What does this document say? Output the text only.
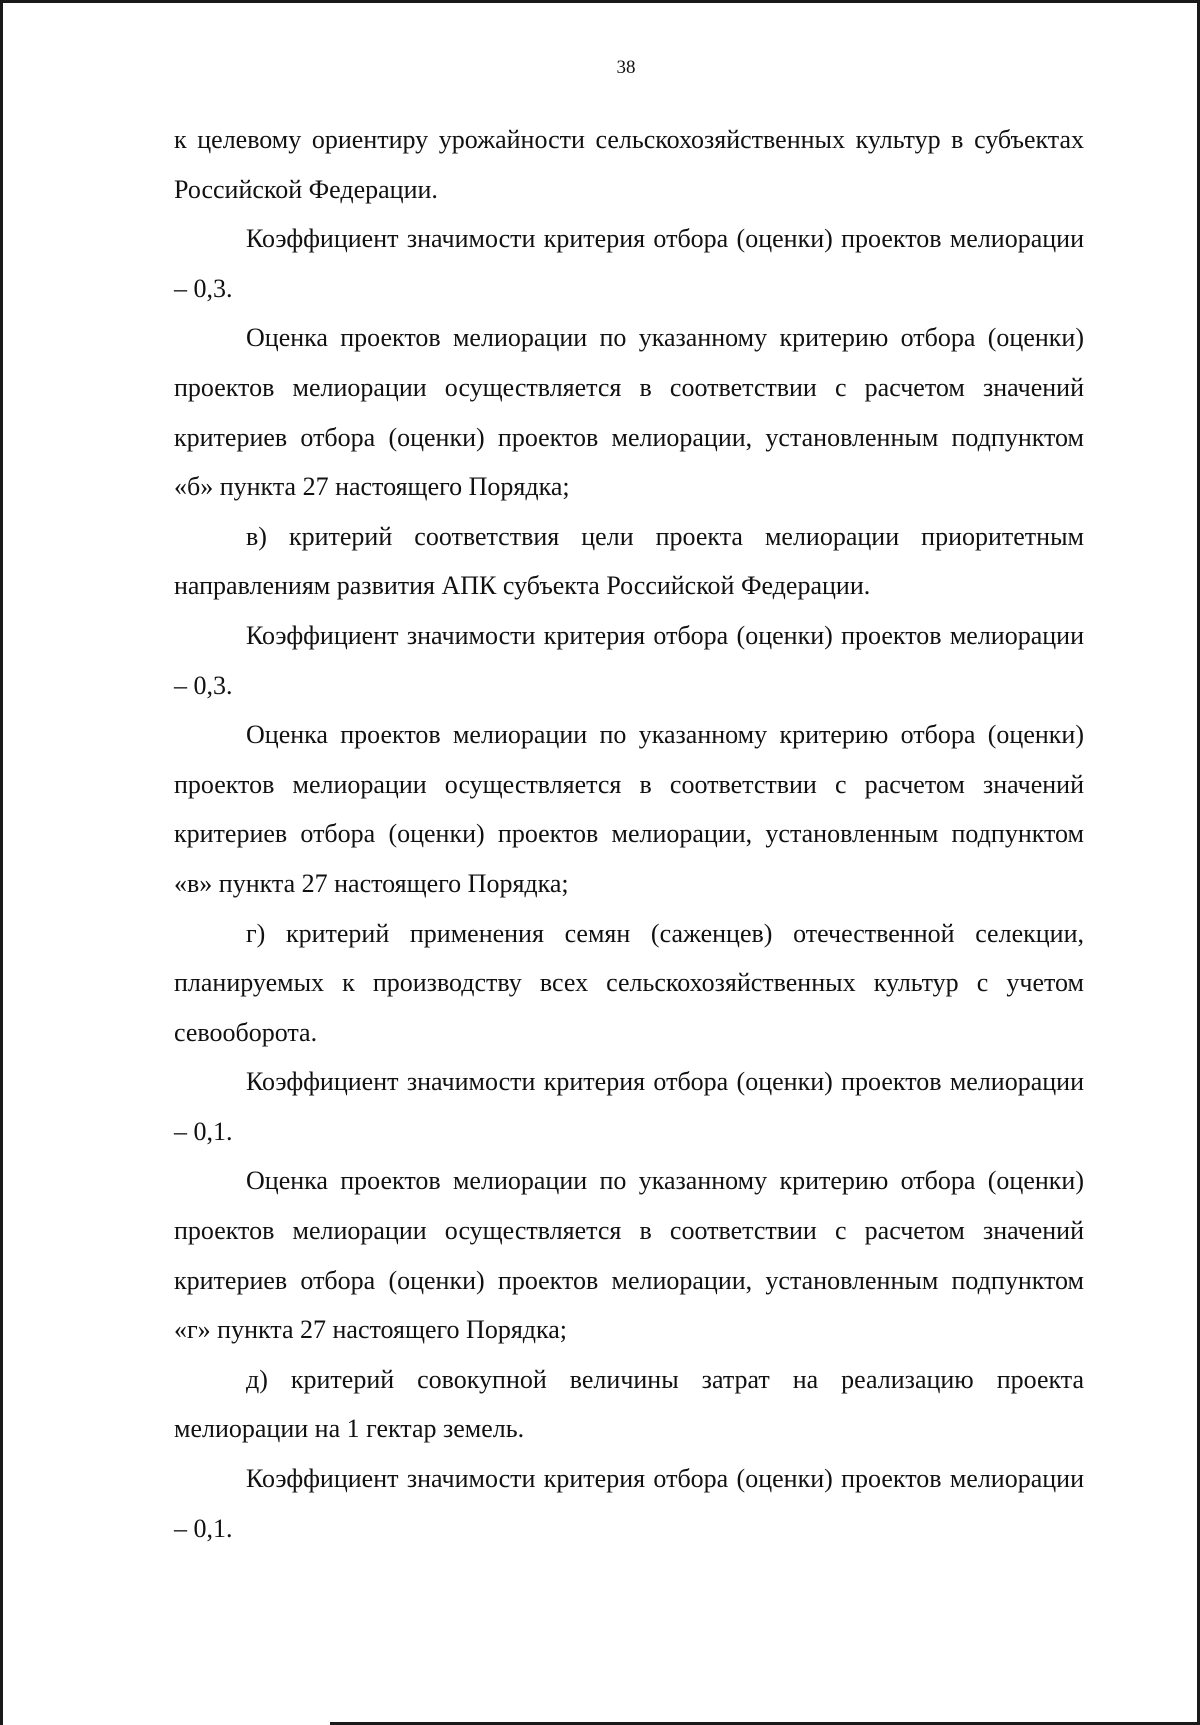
38

к целевому ориентиру урожайности сельскохозяйственных культур в субъектах Российской Федерации.

Коэффициент значимости критерия отбора (оценки) проектов мелиорации – 0,3.

Оценка проектов мелиорации по указанному критерию отбора (оценки) проектов мелиорации осуществляется в соответствии с расчетом значений критериев отбора (оценки) проектов мелиорации, установленным подпунктом «б» пункта 27 настоящего Порядка;

в) критерий соответствия цели проекта мелиорации приоритетным направлениям развития АПК субъекта Российской Федерации.

Коэффициент значимости критерия отбора (оценки) проектов мелиорации – 0,3.

Оценка проектов мелиорации по указанному критерию отбора (оценки) проектов мелиорации осуществляется в соответствии с расчетом значений критериев отбора (оценки) проектов мелиорации, установленным подпунктом «в» пункта 27 настоящего Порядка;

г) критерий применения семян (саженцев) отечественной селекции, планируемых к производству всех сельскохозяйственных культур с учетом севооборота.

Коэффициент значимости критерия отбора (оценки) проектов мелиорации – 0,1.

Оценка проектов мелиорации по указанному критерию отбора (оценки) проектов мелиорации осуществляется в соответствии с расчетом значений критериев отбора (оценки) проектов мелиорации, установленным подпунктом «г» пункта 27 настоящего Порядка;

д) критерий совокупной величины затрат на реализацию проекта мелиорации на 1 гектар земель.

Коэффициент значимости критерия отбора (оценки) проектов мелиорации – 0,1.
